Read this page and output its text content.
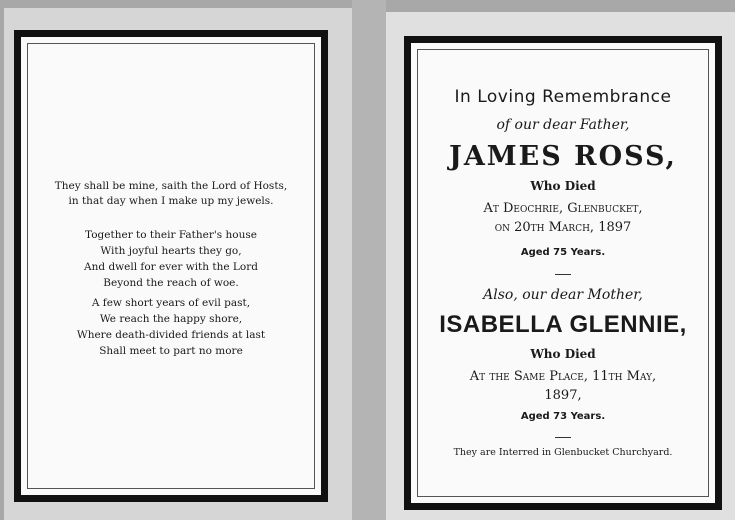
They shall be mine, saith the Lord of Hosts,
in that day when I make up my jewels.
Together to their Father's house
With joyful hearts they go,
And dwell for ever with the Lord
Beyond the reach of woe.
A few short years of evil past,
We reach the happy shore,
Where death-divided friends at last
Shall meet to part no more
In Loving Remembrance
of our dear Father,
JAMES ROSS,
Who Died
At Deochrie, Glenbucket,
on 20th March, 1897
Aged 75 Years.
Also, our dear Mother,
ISABELLA GLENNIE,
Who Died
At the Same Place, 11th May,
1897,
Aged 73 Years.
They are Interred in Glenbucket Churchyard.
